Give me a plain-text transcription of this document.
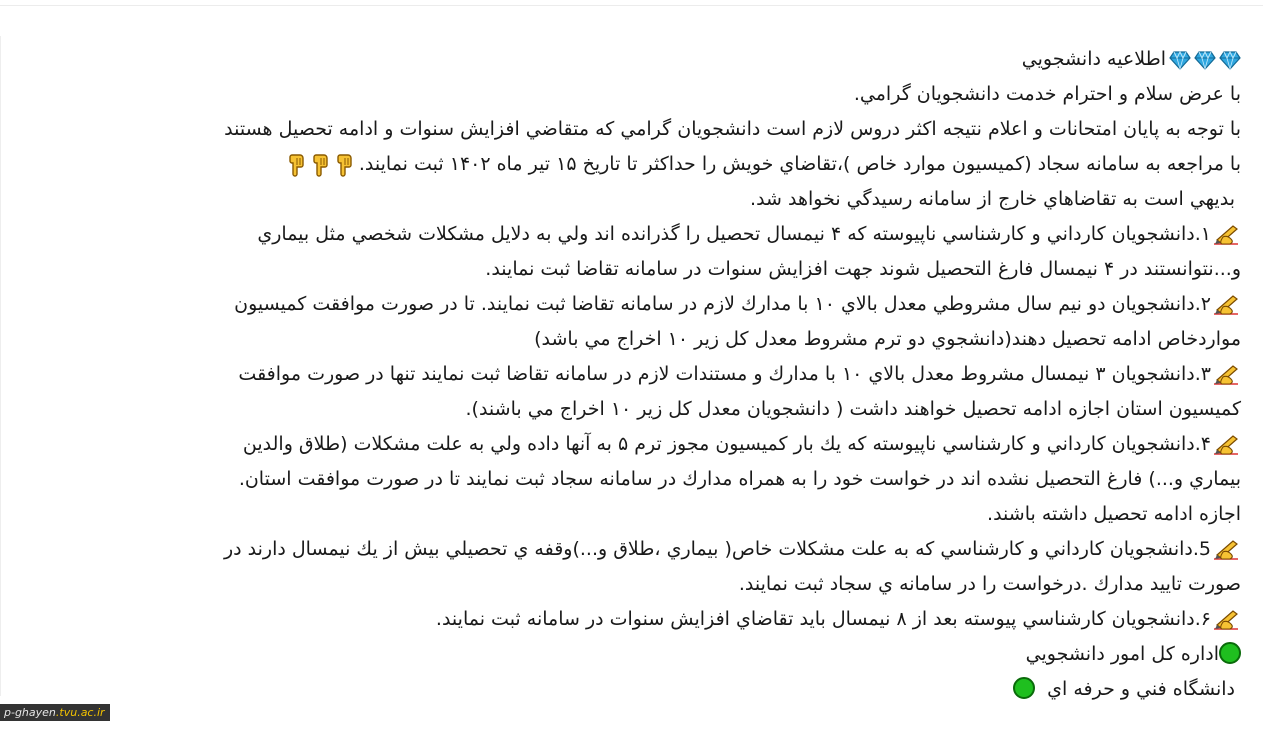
اطلاعيه دانشجويي
با عرض سلام و احترام خدمت دانشجويان گرامي.
با توجه به پايان امتحانات و اعلام نتيجه اكثر دروس لازم است دانشجويان گرامي كه متقاضي افزايش سنوات و ادامه تحصيل هستند
با مراجعه به سامانه سجاد (كميسيون موارد خاص )،تقاضاي خويش را حداكثر تا تاريخ ۱۵ تير ماه ۱۴۰۲ ثبت نمايند.
بديهي است به تقاضاهاي خارج از سامانه رسيدگي نخواهد شد.
۱.دانشجويان كارداني و كارشناسي ناپيوسته كه ۴ نيمسال تحصيل را گذرانده اند ولي به دلايل مشكلات شخصي مثل بيماري
و...نتوانستند در ۴ نيمسال فارغ التحصيل شوند جهت افزايش سنوات در سامانه تقاضا ثبت نمايند.
۲.دانشجويان دو نيم سال مشروطي معدل بالاي ۱۰ با مدارك لازم در سامانه تقاضا ثبت نمايند. تا در صورت موافقت كميسيون
مواردخاص ادامه تحصيل دهند(دانشجوي دو ترم مشروط معدل كل زير ۱۰ اخراج مي باشد)
۳.دانشجويان ۳ نيمسال مشروط معدل بالاي ۱۰ با مدارك و مستندات لازم در سامانه تقاضا ثبت نمايند تنها در صورت موافقت
كميسيون استان اجازه ادامه تحصيل خواهند داشت ( دانشجويان معدل كل زير ۱۰ اخراج مي باشند).
۴.دانشجويان كارداني و كارشناسي ناپيوسته كه يك بار كميسيون مجوز ترم ۵ به آنها داده ولي به علت مشكلات (طلاق والدين
بيماري و...) فارغ التحصيل نشده اند در خواست خود را به همراه مدارك در سامانه سجاد ثبت نمايند تا در صورت موافقت استان.
اجازه ادامه تحصيل داشته باشند.
5.دانشجويان كارداني و كارشناسي كه به علت مشكلات خاص( بيماري ،طلاق و...)وقفه ي تحصيلي بيش از يك نيمسال دارند در
صورت تاييد مدارك .درخواست را در سامانه ي سجاد ثبت نمايند.
۶.دانشجويان كارشناسي پيوسته بعد از ۸ نيمسال بايد تقاضاي افزايش سنوات در سامانه ثبت نمايند.
اداره كل امور دانشجويي
دانشگاه فني و حرفه اي
p-ghayen.tvu.ac.ir
